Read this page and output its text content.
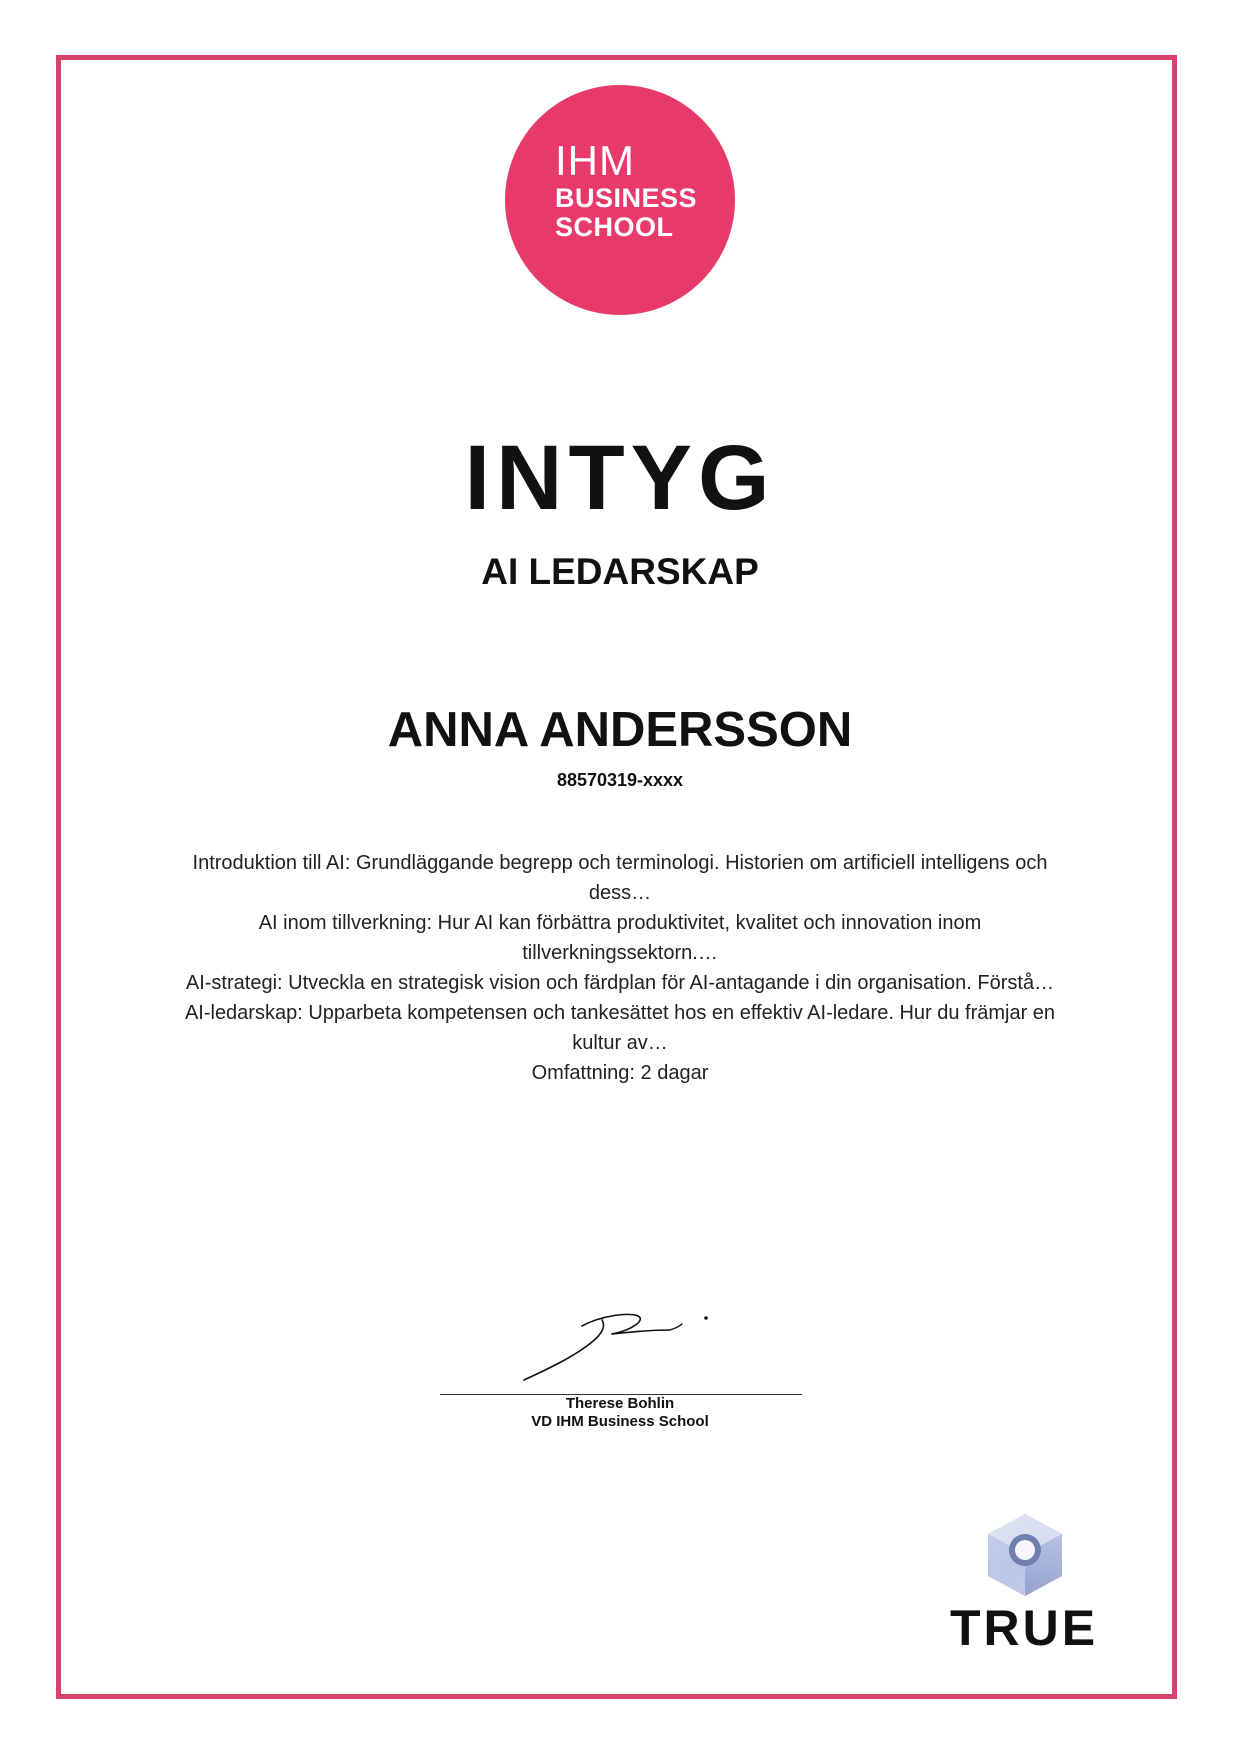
IHM
BUSINESS
SCHOOL
INTYG
AI LEDARSKAP
ANNA ANDERSSON
88570319-xxxx

Introduktion till AI: Grundläggande begrepp och terminologi. Historien om artificiell intelligens och dess…

AI inom tillverkning: Hur AI kan förbättra produktivitet, kvalitet och innovation inom tillverkningssektorn.…

AI-strategi: Utveckla en strategisk vision och färdplan för AI-antagande i din organisation. Förstå…

AI-ledarskap: Upparbeta kompetensen och tankesättet hos en effektiv AI-ledare. Hur du främjar en kultur av…

Omfattning: 2 dagar

Therese Bohlin
VD IHM Business School
TRUE
